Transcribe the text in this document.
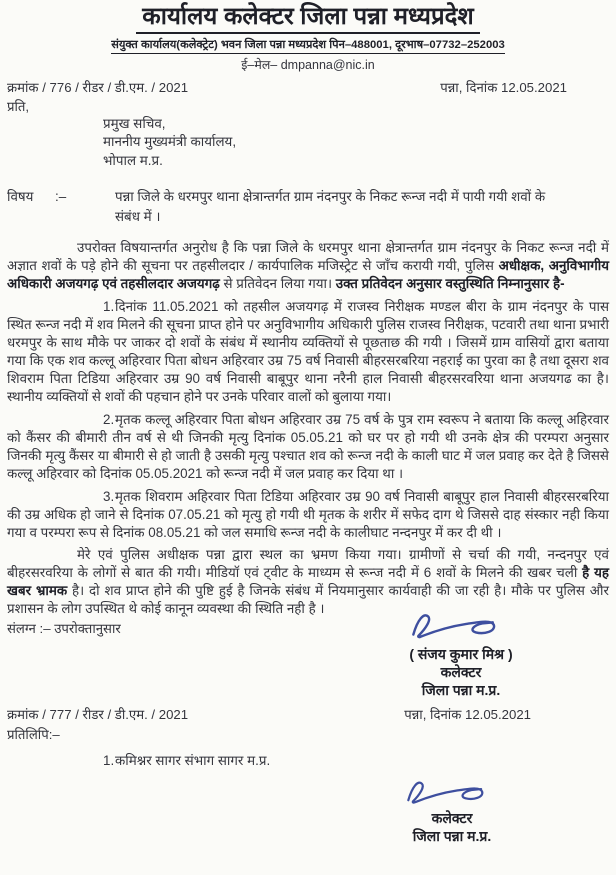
कार्यालय कलेक्टर जिला पन्ना मध्यप्रदेश
संयुक्त कार्यालय(कलेक्ट्रेट) भवन जिला पन्ना मध्यप्रदेश पिन–488001, दूरभाष–07732–252003
ई–मेल– dmpanna@nic.in
क्रमांक / 776 / रीडर / डी.एम. / 2021	पन्ना, दिनांक 12.05.2021
प्रति,
प्रमुख सचिव,
माननीय मुख्यमंत्री कार्यालय,
भोपाल म.प्र.
विषय	:–	पन्ना जिले के धरमपुर थाना क्षेत्रान्तर्गत ग्राम नंदनपुर के निकट रून्ज नदी में पायी गयी शवों के संबंध में ।

उपरोक्त विषयान्तर्गत अनुरोध है कि पन्ना जिले के धरमपुर थाना क्षेत्रान्तर्गत ग्राम नंदनपुर के निकट रून्ज नदी में अज्ञात शवों के पड़े होने की सूचना पर तहसीलदार / कार्यपालिक मजिस्ट्रेट से जाँच करायी गयी, पुलिस अधीक्षक, अनुविभागीय अधिकारी अजयगढ़ एवं तहसीलदार अजयगढ़ से प्रतिवेदन लिया गया। उक्त प्रतिवेदन अनुसार वस्तुस्थिति निम्नानुसार है-

1.दिनांक 11.05.2021 को तहसील अजयगढ़ में राजस्व निरीक्षक मण्डल बीरा के ग्राम नंदनपुर के पास स्थित रून्ज नदी में शव मिलने की सूचना प्राप्त होने पर अनुविभागीय अधिकारी पुलिस राजस्व निरीक्षक, पटवारी तथा थाना प्रभारी धरमपुर के साथ मौके पर जाकर दो शवों के संबंध में स्थानीय व्यक्तियों से पूछताछ की गयी । जिसमें ग्राम वासियों द्वारा बताया गया कि एक शव कल्लू अहिरवार पिता बोधन अहिरवार उम्र 75 वर्ष निवासी बीहरसरबरिया नहराई का पुरवा का है तथा दूसरा शव शिवराम पिता टिडिया अहिरवार उम्र 90 वर्ष निवासी बाबूपुर थाना नरैनी हाल निवासी बीहरसरवरिया थाना अजयगढ का है। स्थानीय व्यक्तियों से शवों की पहचान होने पर उनके परिवार वालों को बुलाया गया।

2.मृतक कल्लू अहिरवार पिता बोधन अहिरवार उम्र 75 वर्ष के पुत्र राम स्वरूप ने बताया कि कल्लू अहिरवार को कैंसर की बीमारी तीन वर्ष से थी जिनकी मृत्यु दिनांक 05.05.21 को घर पर हो गयी थी उनके क्षेत्र की परम्परा अनुसार जिनकी मृत्यु कैंसर या बीमारी से हो जाती है उसकी मृत्यु पश्चात शव को रून्ज नदी के काली घाट में जल प्रवाह कर देते है जिससे कल्लू अहिरवार को दिनांक 05.05.2021 को रून्ज नदी में जल प्रवाह कर दिया था ।

3.मृतक शिवराम अहिरवार पिता टिडिया अहिरवार उम्र 90 वर्ष निवासी बाबूपुर हाल निवासी बीहरसरबरिया की उम्र अधिक हो जाने से दिनांक 07.05.21 को मृत्यु हो गयी थी मृतक के शरीर में सफेद दाग थे जिससे दाह संस्कार नही किया गया व परम्परा रूप से दिनांक 08.05.21 को जल समाधि रून्ज नदी के कालीघाट नन्दनपुर में कर दी थी ।

मेरे एवं पुलिस अधीक्षक पन्ना द्वारा स्थल का भ्रमण किया गया। ग्रामीणों से चर्चा की गयी, नन्दनपुर एवं बीहरसरवरिया के लोगों से बात की गयी। मीडियॉ एवं ट्वीट के माध्यम से रून्ज नदी में 6 शवों के मिलने की खबर चली है यह खबर भ्रामक है। दो शव प्राप्त होने की पुष्टि हुई है जिनके संबंध में नियमानुसार कार्यवाही की जा रही है। मौके पर पुलिस और प्रशासन के लोग उपस्थित थे कोई कानून व्यवस्था की स्थिति नही है ।

संलग्न :– उपरोक्तानुसार
( संजय कुमार मिश्र )
कलेक्टर
जिला पन्ना म.प्र.
क्रमांक / 777 / रीडर / डी.एम. / 2021	पन्ना, दिनांक 12.05.2021
प्रतिलिपि:–

1.कमिश्नर सागर संभाग सागर म.प्र.

कलेक्टर
जिला पन्ना म.प्र.
